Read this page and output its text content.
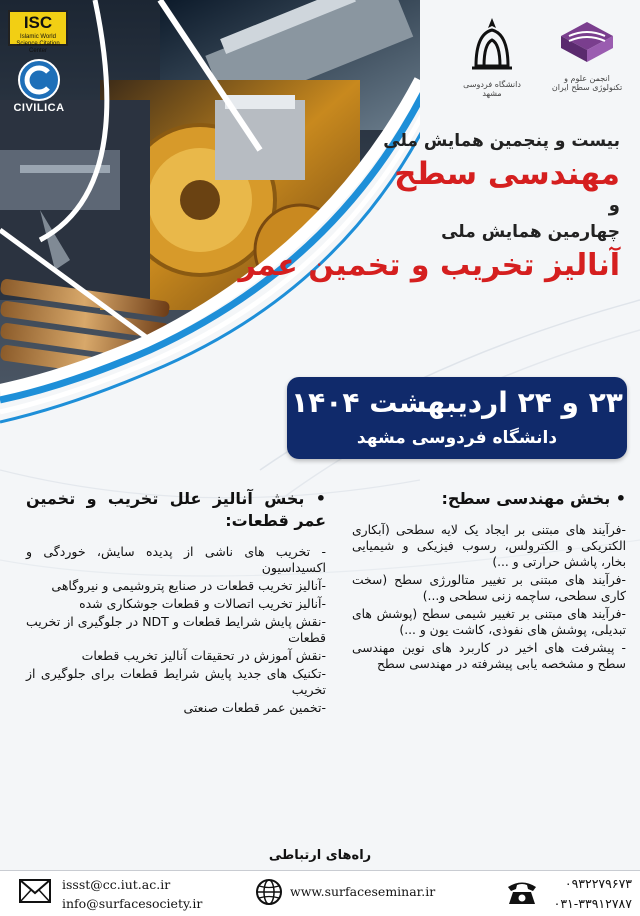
ISC
Islamic World Science Citation Center
CIVILICA
دانشگاه فردوسی مشهد
انجمن علوم و تکنولوژی سطح ایران

بیست و پنجمین همایش ملی

مهندسی سطح

و

چهارمین همایش ملی

آنالیز تخریب و تخمین عمر

۲۳ و ۲۴ اردیبهشت ۱۴۰۴
دانشگاه فردوسی مشهد

• بخش مهندسی سطح:

-فرآیند های مبتنی بر ایجاد یک لایه سطحی (آبکاری الکتریکی و الکترولس، رسوب فیزیکی و شیمیایی بخار، پاشش حرارتی و ...)
-فرآیند های مبتنی بر تغییر متالورژی سطح (سخت کاری سطحی، ساچمه زنی سطحی و...)
-فرآیند های مبتنی بر تغییر شیمی سطح (پوشش های تبدیلی، پوشش های نفوذی، کاشت یون و ...)
- پیشرفت های اخیر در کاربرد های نوین مهندسی سطح و مشخصه یابی پیشرفته در مهندسی سطح

• بخش آنالیز علل تخریب و تخمین عمر قطعات:

- تخریب های ناشی از پدیده سایش، خوردگی و اکسیداسیون
-آنالیز تخریب قطعات در صنایع پتروشیمی و نیروگاهی
-آنالیز تخریب اتصالات و قطعات جوشکاری شده
-نقش پایش شرایط قطعات و NDT در جلوگیری از تخریب قطعات
-نقش آموزش در تحقیقات آنالیز تخریب قطعات
-تکنیک های جدید پایش شرایط قطعات برای جلوگیری از تخریب
-تخمین عمر قطعات صنعتی
راه‌های ارتباطی
issst@cc.iut.ac.ir
info@surfacesociety.ir
www.surfaceseminar.ir
۰۹۳۲۲۷۹۶۷۳
۰۳۱-۳۳۹۱۲۷۸۷
